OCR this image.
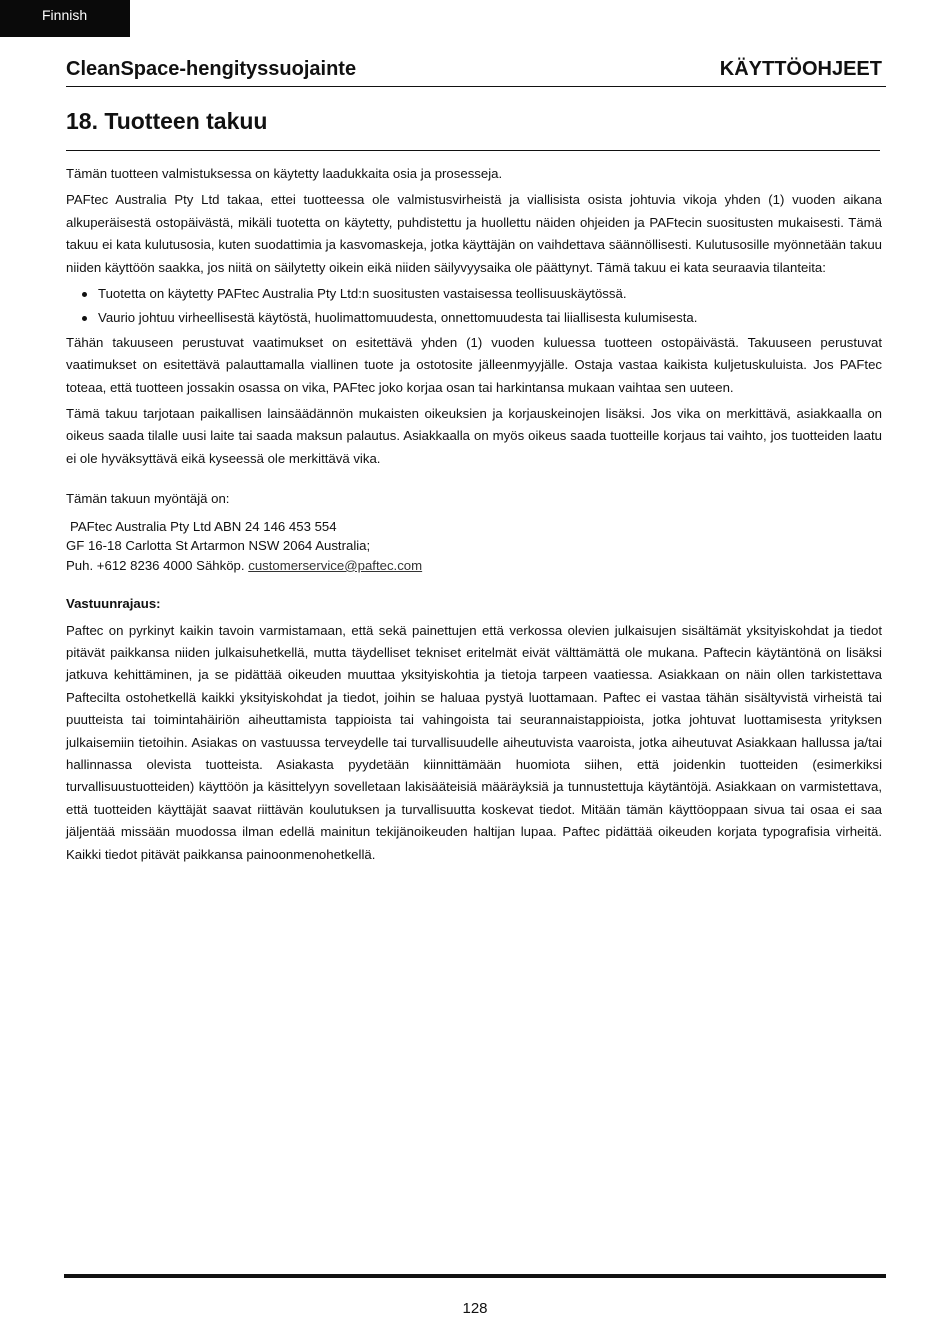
Finnish
CleanSpace-hengityssuojainte	KÄYTTÖOHJEET
18. Tuotteen takuu

Tämän tuotteen valmistuksessa on käytetty laadukkaita osia ja prosesseja.

PAFtec Australia Pty Ltd takaa, ettei tuotteessa ole valmistusvirheistä ja viallisista osista johtuvia vikoja yhden (1) vuoden aikana alkuperäisestä ostopäivästä, mikäli tuotetta on käytetty, puhdistettu ja huollettu näiden ohjeiden ja PAFtecin suositusten mukaisesti. Tämä takuu ei kata kulutusosia, kuten suodattimia ja kasvomaskeja, jotka käyttäjän on vaihdettava säännöllisesti. Kulutusosille myönnetään takuu niiden käyttöön saakka, jos niitä on säilytetty oikein eikä niiden säilyvyysaika ole päättynyt. Tämä takuu ei kata seuraavia tilanteita:

Tuotetta on käytetty PAFtec Australia Pty Ltd:n suositusten vastaisessa teollisuuskäytössä.
Vaurio johtuu virheellisestä käytöstä, huolimattomuudesta, onnettomuudesta tai liiallisesta kulumisesta.

Tähän takuuseen perustuvat vaatimukset on esitettävä yhden (1) vuoden kuluessa tuotteen ostopäivästä. Takuuseen perustuvat vaatimukset on esitettävä palauttamalla viallinen tuote ja ostotosite jälleenmyyjälle. Ostaja vastaa kaikista kuljetuskuluista. Jos PAFtec toteaa, että tuotteen jossakin osassa on vika, PAFtec joko korjaa osan tai harkintansa mukaan vaihtaa sen uuteen.

Tämä takuu tarjotaan paikallisen lainsäädännön mukaisten oikeuksien ja korjauskeinojen lisäksi. Jos vika on merkittävä, asiakkaalla on oikeus saada tilalle uusi laite tai saada maksun palautus. Asiakkaalla on myös oikeus saada tuotteille korjaus tai vaihto, jos tuotteiden laatu ei ole hyväksyttävä eikä kyseessä ole merkittävä vika.

Tämän takuun myöntäjä on:
PAFtec Australia Pty Ltd ABN 24 146 453 554
GF 16-18 Carlotta St Artarmon NSW 2064 Australia;
Puh. +612 8236 4000 Sähköp. customerservice@paftec.com
Vastuunrajaus:

Paftec on pyrkinyt kaikin tavoin varmistamaan, että sekä painettujen että verkossa olevien julkaisujen sisältämät yksityiskohdat ja tiedot pitävät paikkansa niiden julkaisuhetkellä, mutta täydelliset tekniset eritelmät eivät välttämättä ole mukana. Paftecin käytäntönä on lisäksi jatkuva kehittäminen, ja se pidättää oikeuden muuttaa yksityiskohtia ja tietoja tarpeen vaatiessa. Asiakkaan on näin ollen tarkistettava Paftecilta ostohetkellä kaikki yksityiskohdat ja tiedot, joihin se haluaa pystyä luottamaan. Paftec ei vastaa tähän sisältyvistä virheistä tai puutteista tai toimintahäiriön aiheuttamista tappioista tai vahingoista tai seurannaistappioista, jotka johtuvat luottamisesta yrityksen julkaisemiin tietoihin. Asiakas on vastuussa terveydelle tai turvallisuudelle aiheutuvista vaaroista, jotka aiheutuvat Asiakkaan hallussa ja/tai hallinnassa olevista tuotteista. Asiakasta pyydetään kiinnittämään huomiota siihen, että joidenkin tuotteiden (esimerkiksi turvallisuustuotteiden) käyttöön ja käsittelyyn sovelletaan lakisääteisiä määräyksiä ja tunnustettuja käytäntöjä. Asiakkaan on varmistettava, että tuotteiden käyttäjät saavat riittävän koulutuksen ja turvallisuutta koskevat tiedot. Mitään tämän käyttöoppaan sivua tai osaa ei saa jäljentää missään muodossa ilman edellä mainitun tekijänoikeuden haltijan lupaa. Paftec pidättää oikeuden korjata typografisia virheitä. Kaikki tiedot pitävät paikkansa painoonmenohetkellä.

128
